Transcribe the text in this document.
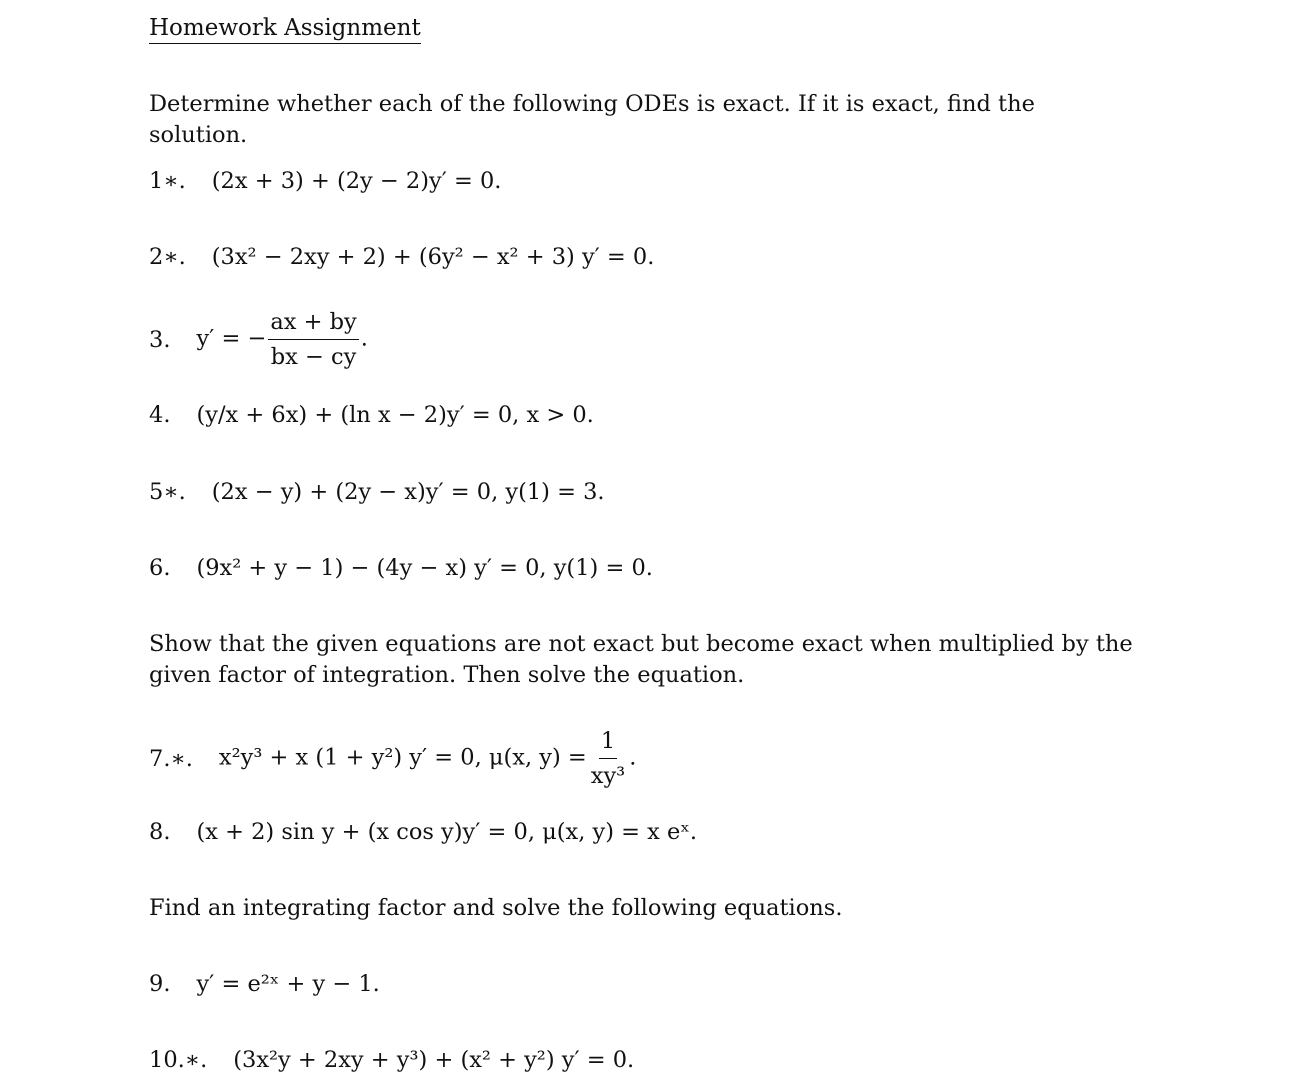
Homework Assignment
Determine whether each of the following ODEs is exact. If it is exact, find the solution.
1∗. (2x + 3) + (2y − 2)y′ = 0.
2∗. (3x² − 2xy + 2) + (6y² − x² + 3) y′ = 0.
3. y′ = − $\frac{ax + by}{bx - cy}$ .
4. (y/x + 6x) + (ln x − 2)y′ = 0, x > 0.
5∗. (2x − y) + (2y − x)y′ = 0, y(1) = 3.
6. (9x² + y − 1) − (4y − x) y′ = 0, y(1) = 0.
Show that the given equations are not exact but become exact when multiplied by the given factor of integration. Then solve the equation.
7.∗. x²y³ + x (1 + y²) y′ = 0, μ(x, $y) = \frac{1}{\text{xy³}}$ .
8. (x + 2) sin y + (x cos y)y′ = 0, μ(x, y) = x eˣ.
Find an integrating factor and solve the following equations.
9. y′ = e²ˣ + y − 1.
10.∗. (3x²y + 2xy + y³) + (x² + y²) y′ = 0.
